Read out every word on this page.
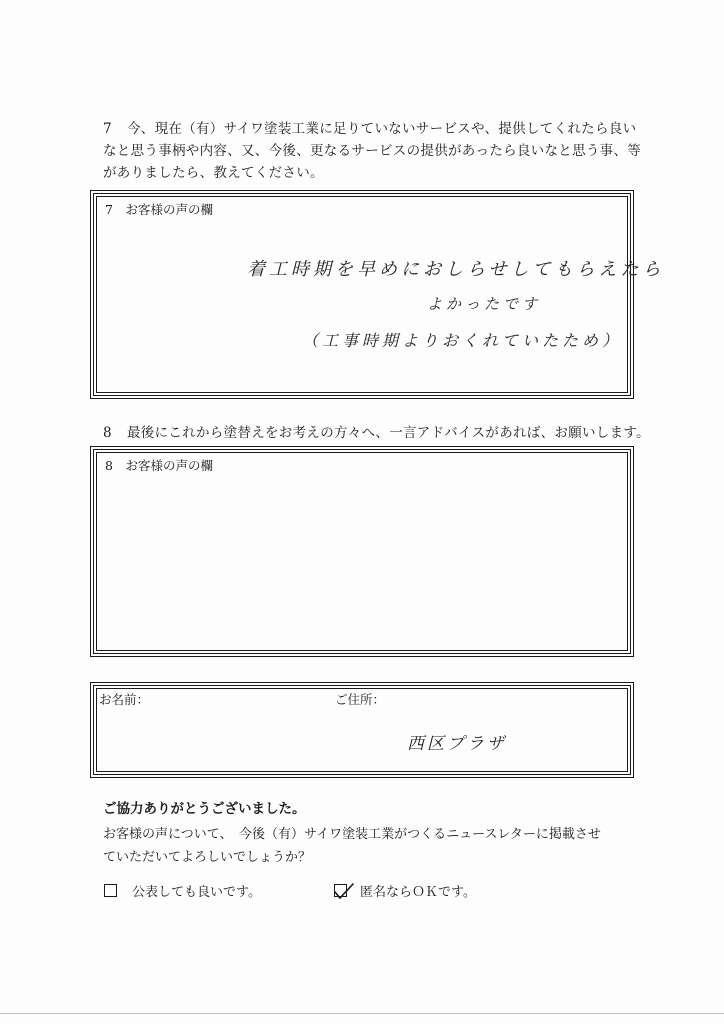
7 今、現在（有）サイワ塗装工業に足りていないサービスや、提供してくれたら良い
なと思う事柄や内容、又、今後、更なるサービスの提供があったら良いなと思う事、等
がありましたら、教えてください。
7　お客様の声の欄
着工時期を早めにおしらせしてもらえたら
よかったです
（工事時期よりおくれていたため）
8 最後にこれから塗替えをお考えの方々へ、一言アドバイスがあれば、お願いします。
8　お客様の声の欄
お名前：	ご住所：
西区プラザ
ご協力ありがとうございました。
お客様の声について、　今後（有）サイワ塗装工業がつくるニュースレターに掲載させ
ていただいてよろしいでしょうか？
公表しても良いです。	匿名ならＯＫです。
